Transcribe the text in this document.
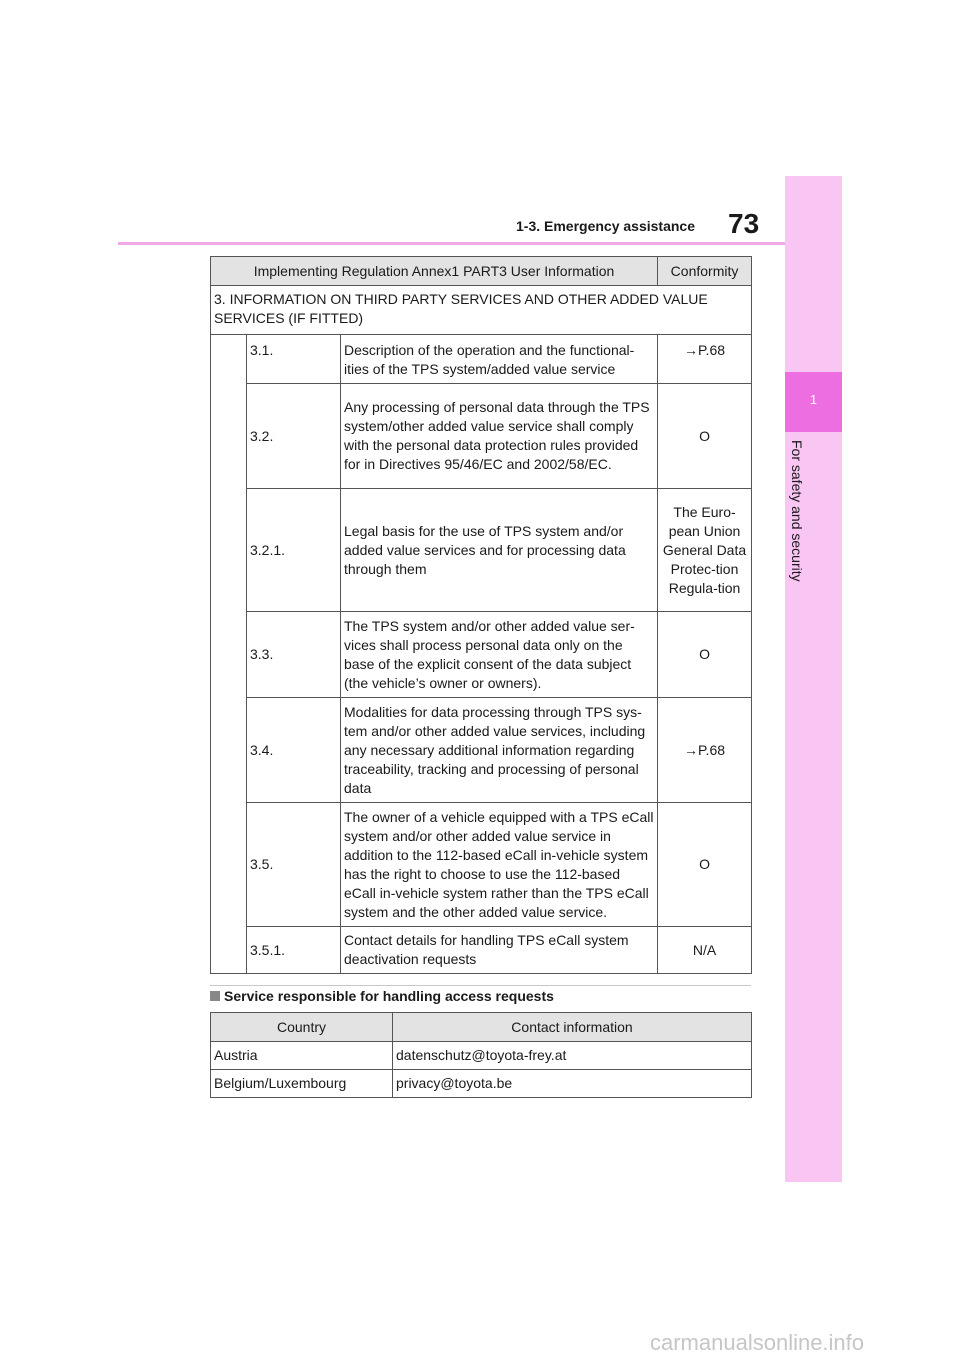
1-3. Emergency assistance 73
1
For safety and security
Implementing Regulation Annex1 PART3 User Information			Conformity
3. INFORMATION ON THIRD PARTY SERVICES AND OTHER ADDED VALUE SERVICES (IF FITTED)			
	3.1.	Description of the operation and the functional-ities of the TPS system/added value service	→P.68
	3.2.	Any processing of personal data through the TPS system/other added value service shall comply with the personal data protection rules provided for in Directives 95/46/EC and 2002/58/EC.	O
	3.2.1.	Legal basis for the use of TPS system and/or added value services and for processing data through them	The Euro-pean Union General Data Protec-tion Regula-tion
	3.3.	The TPS system and/or other added value ser-vices shall process personal data only on the base of the explicit consent of the data subject (the vehicle’s owner or owners).	O
	3.4.	Modalities for data processing through TPS sys-tem and/or other added value services, including any necessary additional information regarding traceability, tracking and processing of personal data	→P.68
	3.5.	The owner of a vehicle equipped with a TPS eCall system and/or other added value service in addition to the 112-based eCall in-vehicle system has the right to choose to use the 112-based eCall in-vehicle system rather than the TPS eCall system and the other added value service.	O
	3.5.1.	Contact details for handling TPS eCall system deactivation requests	N/A
Service responsible for handling access requests
Country	Contact information
Austria	datenschutz@toyota-frey.at
Belgium/Luxembourg	privacy@toyota.be
carmanualsonline.info
